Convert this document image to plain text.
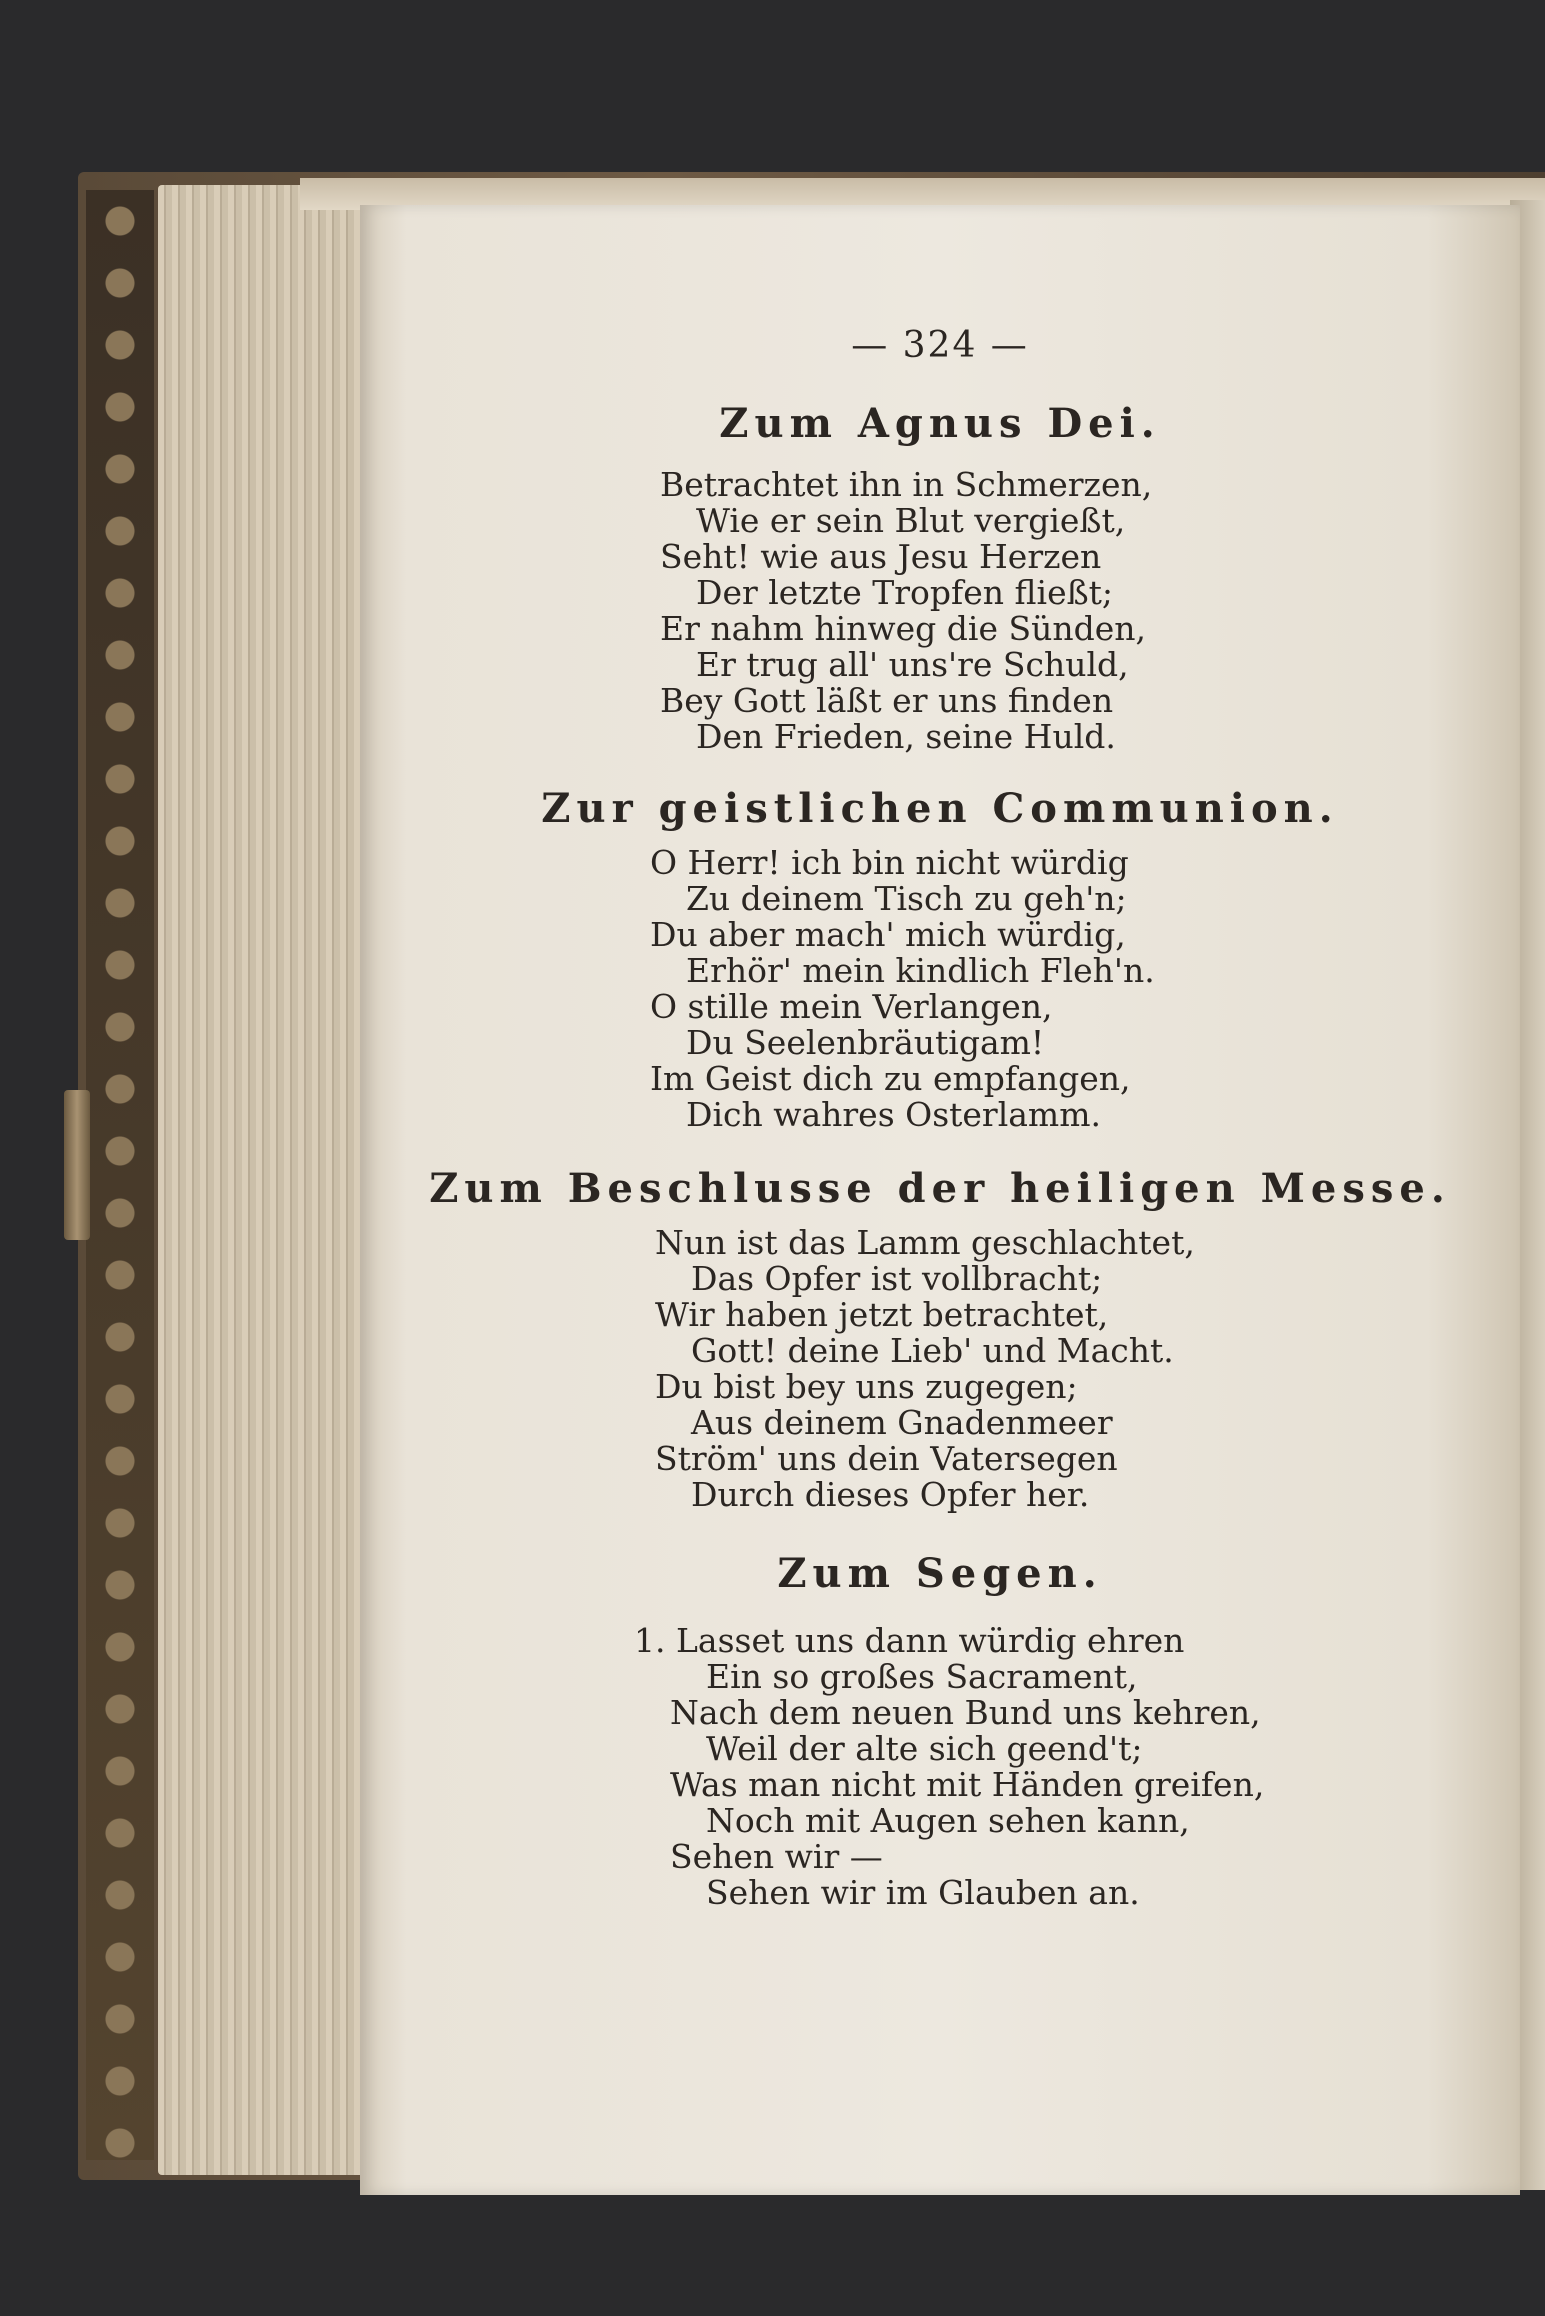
— 324 —
Zum Agnus Dei.
Betrachtet ihn in Schmerzen,
Wie er sein Blut vergießt,
Seht! wie aus Jesu Herzen
Der letzte Tropfen fließt;
Er nahm hinweg die Sünden,
Er trug all' uns're Schuld,
Bey Gott läßt er uns finden
Den Frieden, seine Huld.
Zur geistlichen Communion.
O Herr! ich bin nicht würdig
Zu deinem Tisch zu geh'n;
Du aber mach' mich würdig,
Erhör' mein kindlich Fleh'n.
O stille mein Verlangen,
Du Seelenbräutigam!
Im Geist dich zu empfangen,
Dich wahres Osterlamm.
Zum Beschlusse der heiligen Messe.
Nun ist das Lamm geschlachtet,
Das Opfer ist vollbracht;
Wir haben jetzt betrachtet,
Gott! deine Lieb' und Macht.
Du bist bey uns zugegen;
Aus deinem Gnadenmeer
Ström' uns dein Vatersegen
Durch dieses Opfer her.
Zum Segen.
1. Lasset uns dann würdig ehren
Ein so großes Sacrament,
Nach dem neuen Bund uns kehren,
Weil der alte sich geend't;
Was man nicht mit Händen greifen,
Noch mit Augen sehen kann,
Sehen wir —
Sehen wir im Glauben an.
